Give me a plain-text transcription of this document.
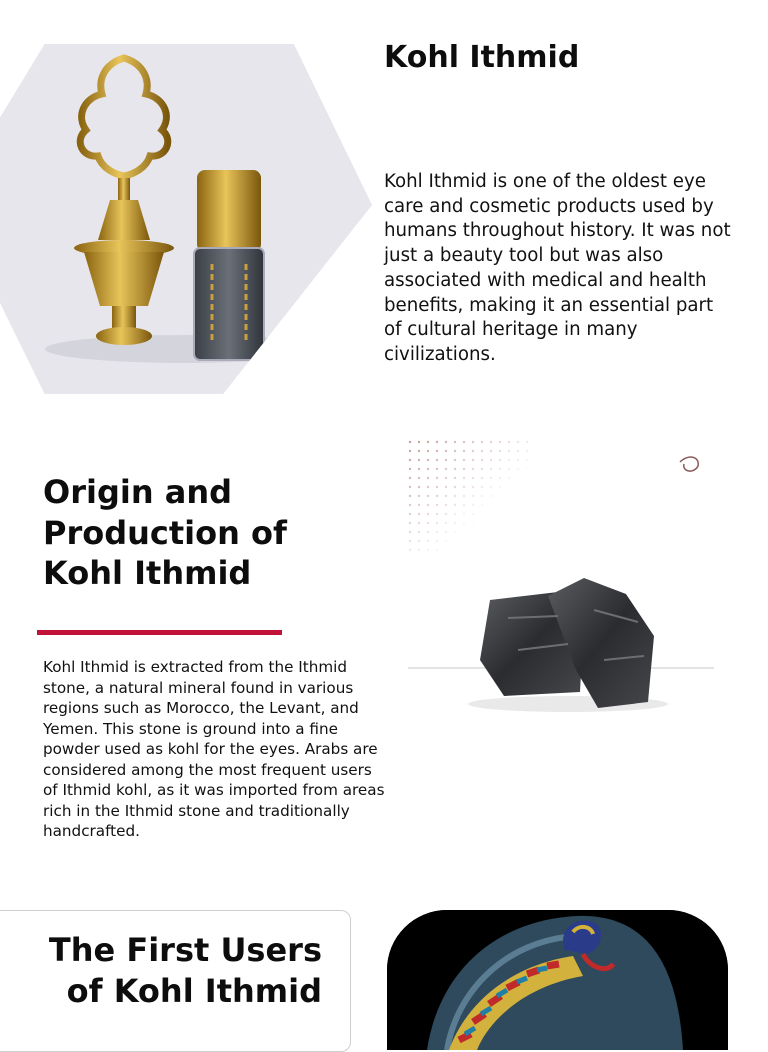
Kohl Ithmid

Kohl Ithmid is one of the oldest eye care and cosmetic products used by humans throughout history. It was not just a beauty tool but was also associated with medical and health benefits, making it an essential part of cultural heritage in many civilizations.

Origin and Production of Kohl Ithmid

Kohl Ithmid is extracted from the Ithmid stone, a natural mineral found in various regions such as Morocco, the Levant, and Yemen. This stone is ground into a fine powder used as kohl for the eyes. Arabs are considered among the most frequent users of Ithmid kohl, as it was imported from areas rich in the Ithmid stone and traditionally handcrafted.

The First Users of Kohl Ithmid
